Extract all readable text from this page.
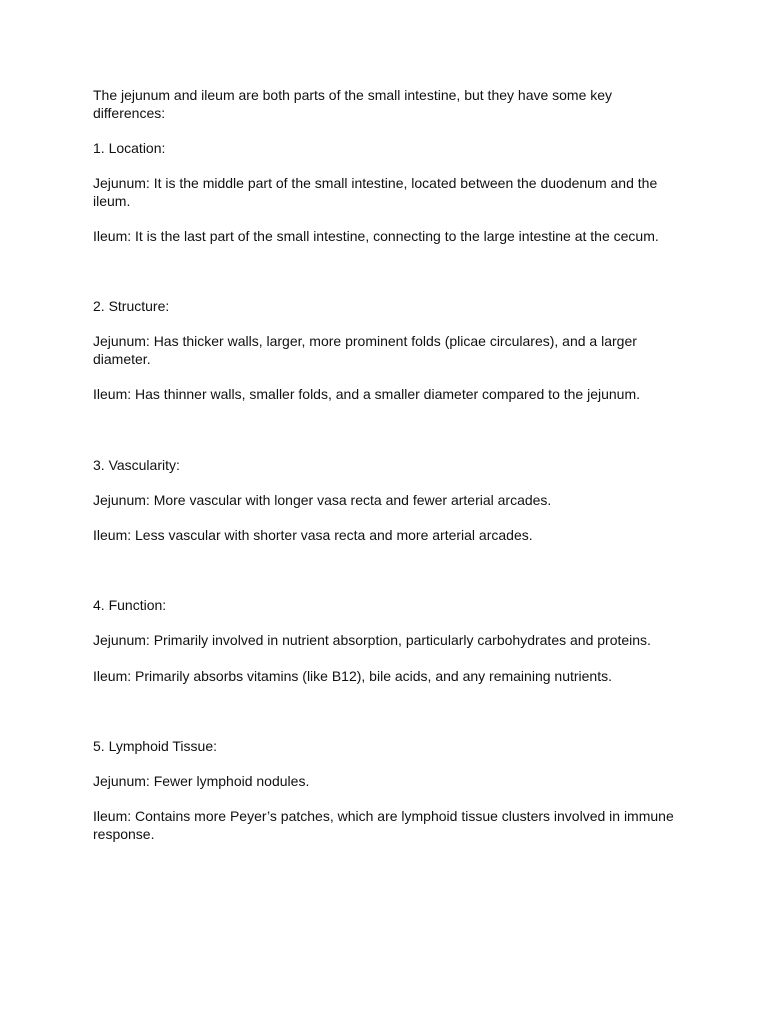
The jejunum and ileum are both parts of the small intestine, but they have some key differences:

1. Location:

Jejunum: It is the middle part of the small intestine, located between the duodenum and the ileum.

Ileum: It is the last part of the small intestine, connecting to the large intestine at the cecum.

2. Structure:

Jejunum: Has thicker walls, larger, more prominent folds (plicae circulares), and a larger diameter.

Ileum: Has thinner walls, smaller folds, and a smaller diameter compared to the jejunum.

3. Vascularity:

Jejunum: More vascular with longer vasa recta and fewer arterial arcades.

Ileum: Less vascular with shorter vasa recta and more arterial arcades.

4. Function:

Jejunum: Primarily involved in nutrient absorption, particularly carbohydrates and proteins.

Ileum: Primarily absorbs vitamins (like B12), bile acids, and any remaining nutrients.

5. Lymphoid Tissue:

Jejunum: Fewer lymphoid nodules.

Ileum: Contains more Peyer’s patches, which are lymphoid tissue clusters involved in immune response.
